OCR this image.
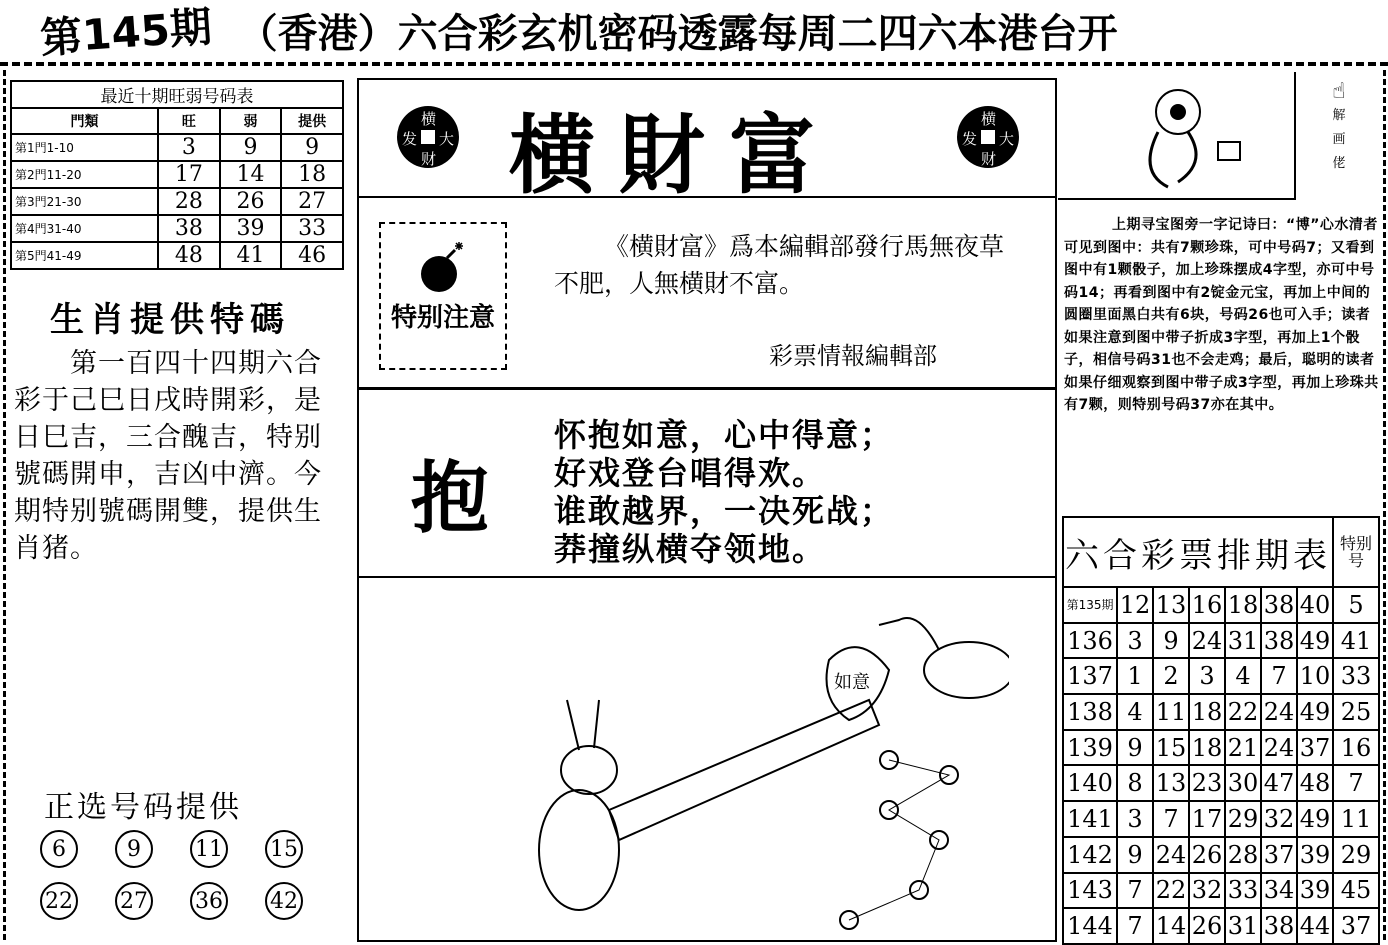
第145期 （香港）六合彩玄机密码透露每周二四六本港台开
最近十期旺弱号码表			
門類	旺	弱	提供
第1門1-10	3	9	9
第2門11-20	17	14	18
第3門21-30	28	26	27
第4門31-40	38	39	33
第5門41-49	48	41	46
生肖提供特碼
第一百四十四期六合彩于己巳日戌時開彩，是日巳吉，三合醜吉，特别號碼開申，吉凶中濟。今期特别號碼開雙，提供生肖猪。
正选号码提供
6	9	11 15
22 27 36 42
横
发 大
财 横財富	横
发 大
财
特别注意
《横財富》爲本編輯部發行馬無夜草不肥，人無横財不富。
彩票情報編輯部
抱
怀抱如意，心中得意；
好戏登台唱得欢。
谁敢越界，一决死战；
莽撞纵横夺领地。
如意
☝
解画佬
上期寻宝图旁一字记诗曰：“博”心水清者可见到图中：共有7颗珍珠，可中号码7；又看到图中有1颗骰子，加上珍珠摆成4字型，亦可中号码14；再看到图中有2锭金元宝，再加上中间的圆圈里面黑白共有6块，号码26也可入手；读者如果注意到图中带子折成3字型，再加上1个骰子，相信号码31也不会走鸡；最后，聪明的读者如果仔细观察到图中带子成3字型，再加上珍珠共有7颗，则特别号码37亦在其中。
六合彩票排期表							特别号
第135期	12	13	16	18	38	40	5
136	3	9	24	31	38	49	41
137	1	2	3	4	7	10	33
138	4	11	18	22	24	49	25
139	9	15	18	21	24	37	16
140	8	13	23	30	47	48	7
141	3	7	17	29	32	49	11
142	9	24	26	28	37	39	29
143	7	22	32	33	34	39	45
144	7	14	26	31	38	44	37
